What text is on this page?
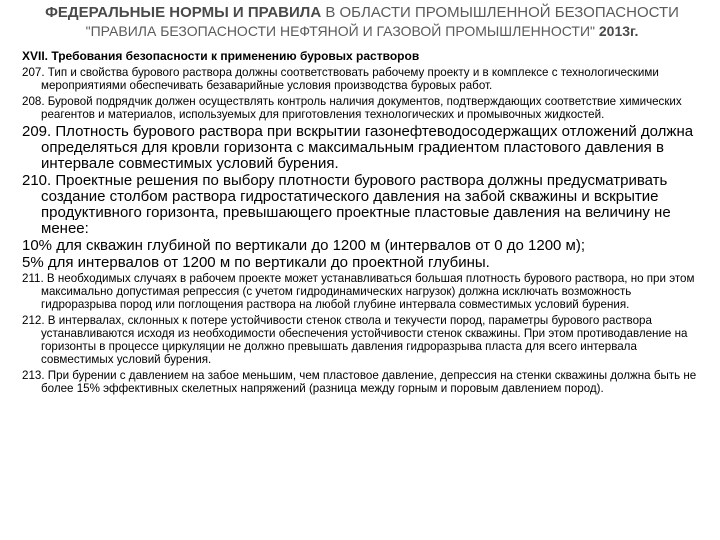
ФЕДЕРАЛЬНЫЕ НОРМЫ И ПРАВИЛА В ОБЛАСТИ ПРОМЫШЛЕННОЙ БЕЗОПАСНОСТИ
"ПРАВИЛА БЕЗОПАСНОСТИ НЕФТЯНОЙ И ГАЗОВОЙ ПРОМЫШЛЕННОСТИ" 2013г.
XVII. Требования безопасности к применению буровых растворов

207. Тип и свойства бурового раствора должны соответствовать рабочему проекту и в комплексе с технологическими мероприятиями обеспечивать безаварийные условия производства буровых работ.

208. Буровой подрядчик должен осуществлять контроль наличия документов, подтверждающих соответствие химических реагентов и материалов, используемых для приготовления технологических и промывочных жидкостей.

209. Плотность бурового раствора при вскрытии газонефтеводосодержащих отложений должна определяться для кровли горизонта с максимальным градиентом пластового давления в интервале совместимых условий бурения.

210. Проектные решения по выбору плотности бурового раствора должны предусматривать создание столбом раствора гидростатического давления на забой скважины и вскрытие продуктивного горизонта, превышающего проектные пластовые давления на величину не менее:

10% для скважин глубиной по вертикали до 1200 м (интервалов от 0 до 1200 м);

5% для интервалов от 1200 м по вертикали до проектной глубины.

211. В необходимых случаях в рабочем проекте может устанавливаться большая плотность бурового раствора, но при этом максимально допустимая репрессия (с учетом гидродинамических нагрузок) должна исключать возможность гидроразрыва пород или поглощения раствора на любой глубине интервала совместимых условий бурения.

212. В интервалах, склонных к потере устойчивости стенок ствола и текучести пород, параметры бурового раствора устанавливаются исходя из необходимости обеспечения устойчивости стенок скважины. При этом противодавление на горизонты в процессе циркуляции не должно превышать давления гидроразрыва пласта для всего интервала совместимых условий бурения.

213. При бурении с давлением на забое меньшим, чем пластовое давление, депрессия на стенки скважины должна быть не более 15% эффективных скелетных напряжений (разница между горным и поровым давлением пород).
